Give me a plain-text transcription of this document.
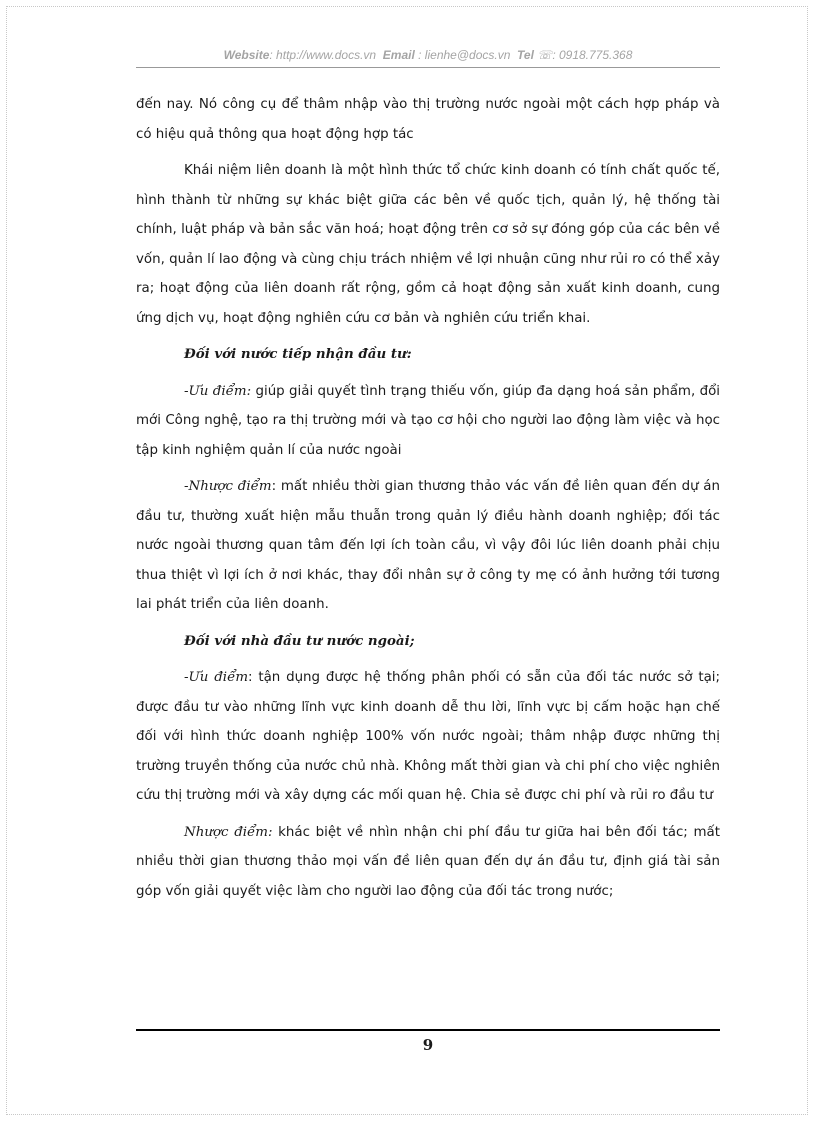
Website: http://www.docs.vn Email : lienhe@docs.vn Tel ☏: 0918.775.368

đến nay. Nó công cụ để thâm nhập vào thị trường nước ngoài một cách hợp pháp và có hiệu quả thông qua hoạt động hợp tác

Khái niệm liên doanh là một hình thức tổ chức kinh doanh có tính chất quốc tế, hình thành từ những sự khác biệt giữa các bên về quốc tịch, quản lý, hệ thống tài chính, luật pháp và bản sắc văn hoá; hoạt động trên cơ sở sự đóng góp của các bên về vốn, quản lí lao động và cùng chịu trách nhiệm về lợi nhuận cũng như rủi ro có thể xảy ra; hoạt động của liên doanh rất rộng, gồm cả hoạt động sản xuất kinh doanh, cung ứng dịch vụ, hoạt động nghiên cứu cơ bản và nghiên cứu triển khai.

Đối với nước tiếp nhận đầu tư:

-Ưu điểm: giúp giải quyết tình trạng thiếu vốn, giúp đa dạng hoá sản phẩm, đổi mới Công nghệ, tạo ra thị trường mới và tạo cơ hội cho người lao động làm việc và học tập kinh nghiệm quản lí của nước ngoài

-Nhược điểm: mất nhiều thời gian thương thảo vác vấn đề liên quan đến dự án đầu tư, thường xuất hiện mẫu thuẫn trong quản lý điều hành doanh nghiệp; đối tác nước ngoài thương quan tâm đến lợi ích toàn cầu, vì vậy đôi lúc liên doanh phải chịu thua thiệt vì lợi ích ở nơi khác, thay đổi nhân sự ở công ty mẹ có ảnh hưởng tới tương lai phát triển của liên doanh.

Đối với nhà đầu tư nước ngoài;

-Ưu điểm: tận dụng được hệ thống phân phối có sẵn của đối tác nước sở tại; được đầu tư vào những lĩnh vực kinh doanh dễ thu lời, lĩnh vực bị cấm hoặc hạn chế đối với hình thức doanh nghiệp 100% vốn nước ngoài; thâm nhập được những thị trường truyền thống của nước chủ nhà. Không mất thời gian và chi phí cho việc nghiên cứu thị trường mới và xây dựng các mối quan hệ. Chia sẻ được chi phí và rủi ro đầu tư

Nhược điểm: khác biệt về nhìn nhận chi phí đầu tư giữa hai bên đối tác; mất nhiều thời gian thương thảo mọi vấn đề liên quan đến dự án đầu tư, định giá tài sản góp vốn giải quyết việc làm cho người lao động của đối tác trong nước;

9
